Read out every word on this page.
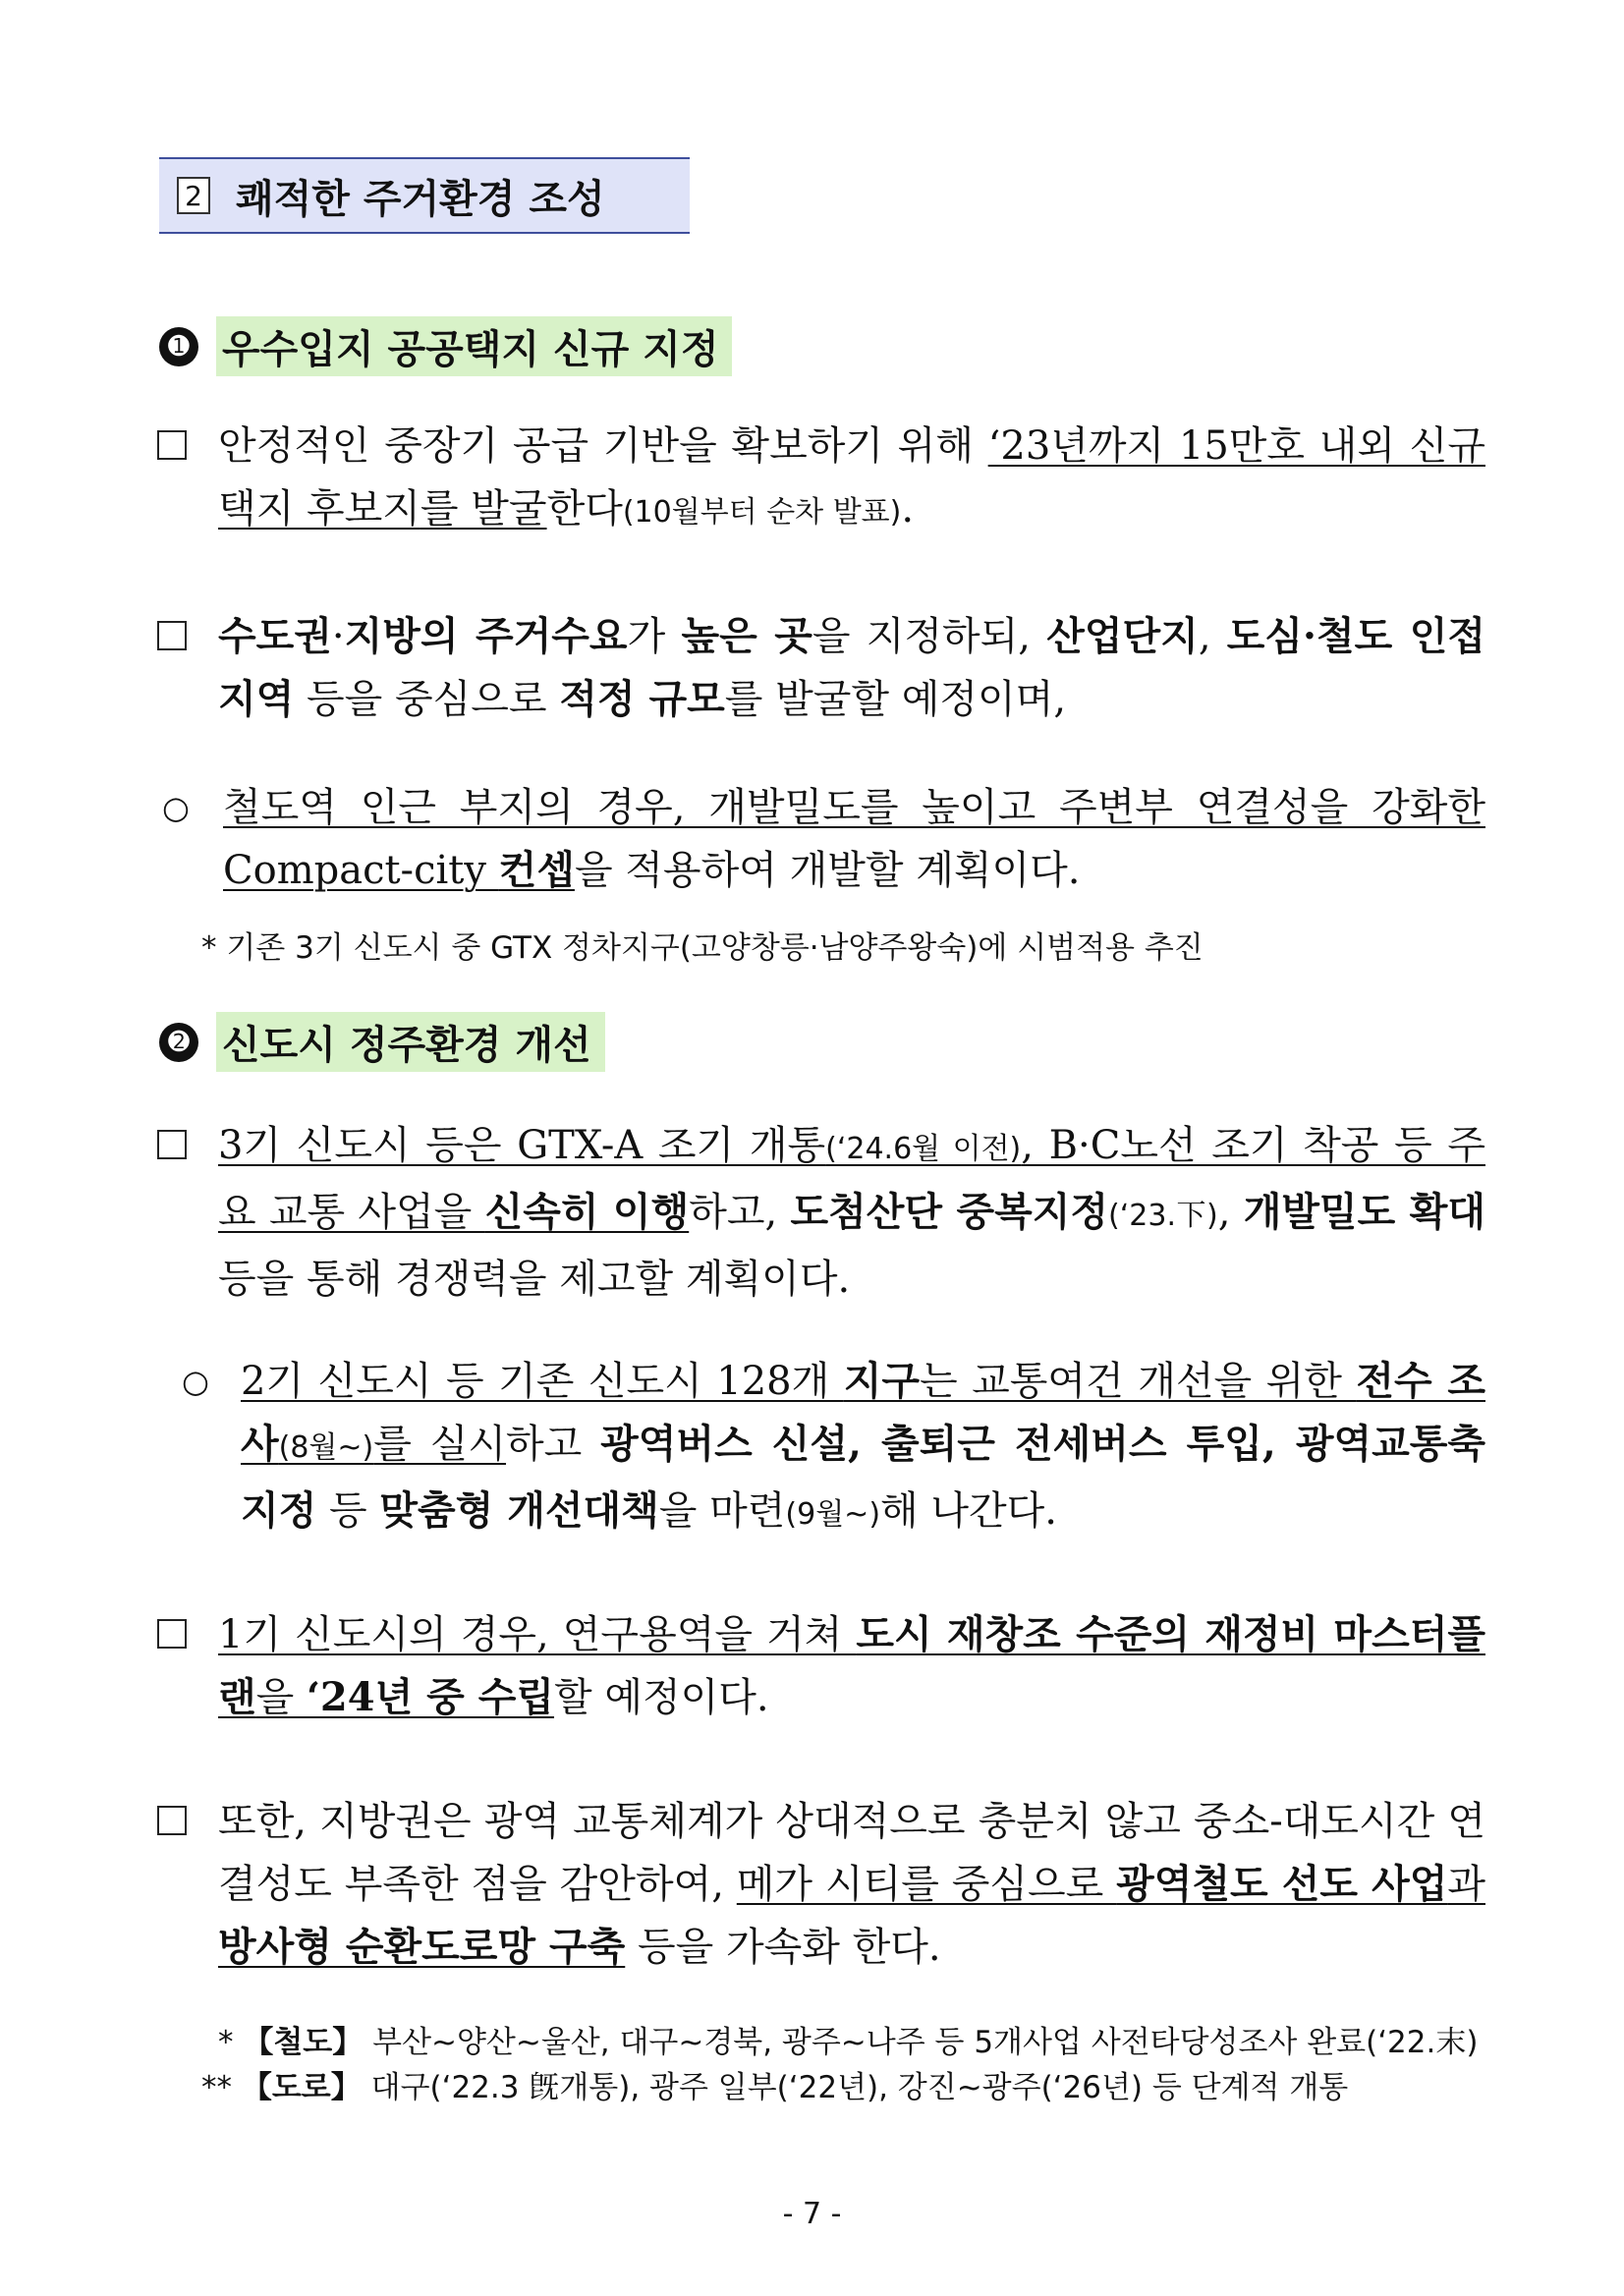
2 쾌적한 주거환경 조성
➊ 우수입지 공공택지 신규 지정
안정적인 중장기 공급 기반을 확보하기 위해 ‘23년까지 15만호 내외 신규 택지 후보지를 발굴한다(10월부터 순차 발표).
수도권·지방의 주거수요가 높은 곳을 지정하되, 산업단지, 도심·철도 인접지역 등을 중심으로 적정 규모를 발굴할 예정이며,
○ 철도역 인근 부지의 경우, 개발밀도를 높이고 주변부 연결성을 강화한 Compact-city 컨셉을 적용하여 개발할 계획이다.
* 기존 3기 신도시 중 GTX 정차지구(고양창릉·남양주왕숙)에 시범적용 추진
➋ 신도시 정주환경 개선
3기 신도시 등은 GTX-A 조기 개통(‘24.6월 이전), B·C노선 조기 착공 등 주요 교통 사업을 신속히 이행하고, 도첨산단 중복지정(‘23.下), 개발밀도 확대 등을 통해 경쟁력을 제고할 계획이다.
○ 2기 신도시 등 기존 신도시 128개 지구는 교통여건 개선을 위한 전수 조사(8월~)를 실시하고 광역버스 신설, 출퇴근 전세버스 투입, 광역교통축 지정 등 맞춤형 개선대책을 마련(9월~)해 나간다.
1기 신도시의 경우, 연구용역을 거쳐 도시 재창조 수준의 재정비 마스터플랜을 ‘24년 중 수립할 예정이다.
또한, 지방권은 광역 교통체계가 상대적으로 충분치 않고 중소-대도시간 연결성도 부족한 점을 감안하여, 메가 시티를 중심으로 광역철도 선도 사업과 방사형 순환도로망 구축 등을 가속화 한다.
* 【철도】 부산~양산~울산, 대구~경북, 광주~나주 등 5개사업 사전타당성조사 완료(‘22.末)
** 【도로】 대구(‘22.3 旣개통), 광주 일부(‘22년), 강진~광주(‘26년) 등 단계적 개통
- 7 -
